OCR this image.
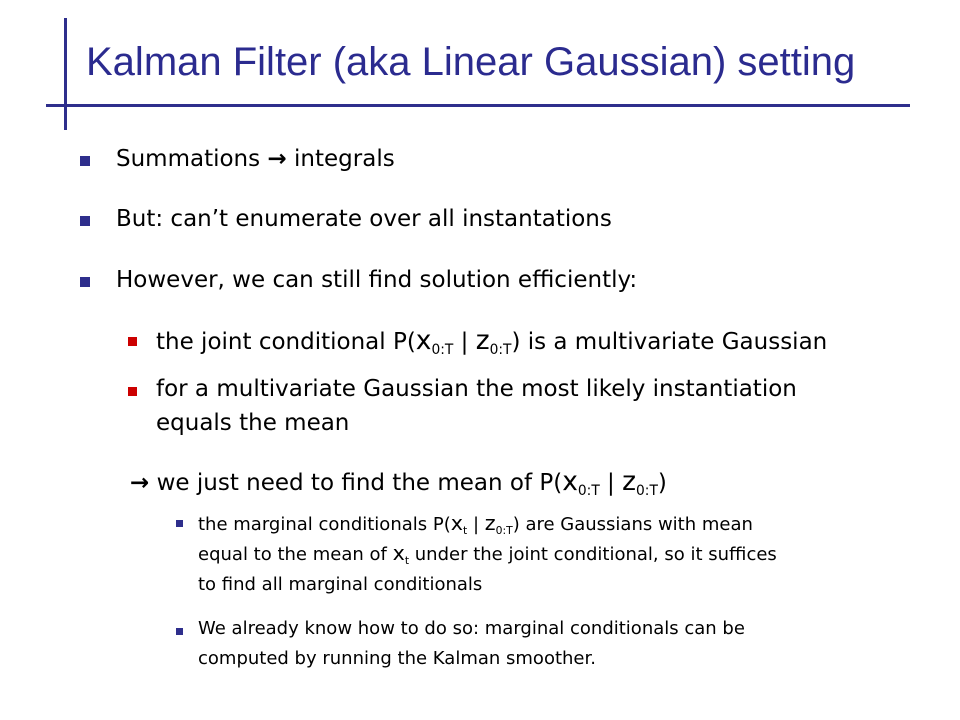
Kalman Filter (aka Linear Gaussian) setting
Summations → integrals
But: can’t enumerate over all instantations
However, we can still find solution efficiently:
the joint conditional $P(x_{0:T}$ | $z_{0:T}$) is a multivariate Gaussian
for a multivariate Gaussian the most likely instantiation
equals the mean
→ we just need to find the mean of $P(x_{0:T}$ | $z_{0:T}$)
the marginal conditionals $P(x_t$ | $z_{0:T}$) are Gaussians with mean
equal to the mean of $x_t$ under the joint conditional, so it suffices
to find all marginal conditionals
We already know how to do so: marginal conditionals can be
computed by running the Kalman smoother.
